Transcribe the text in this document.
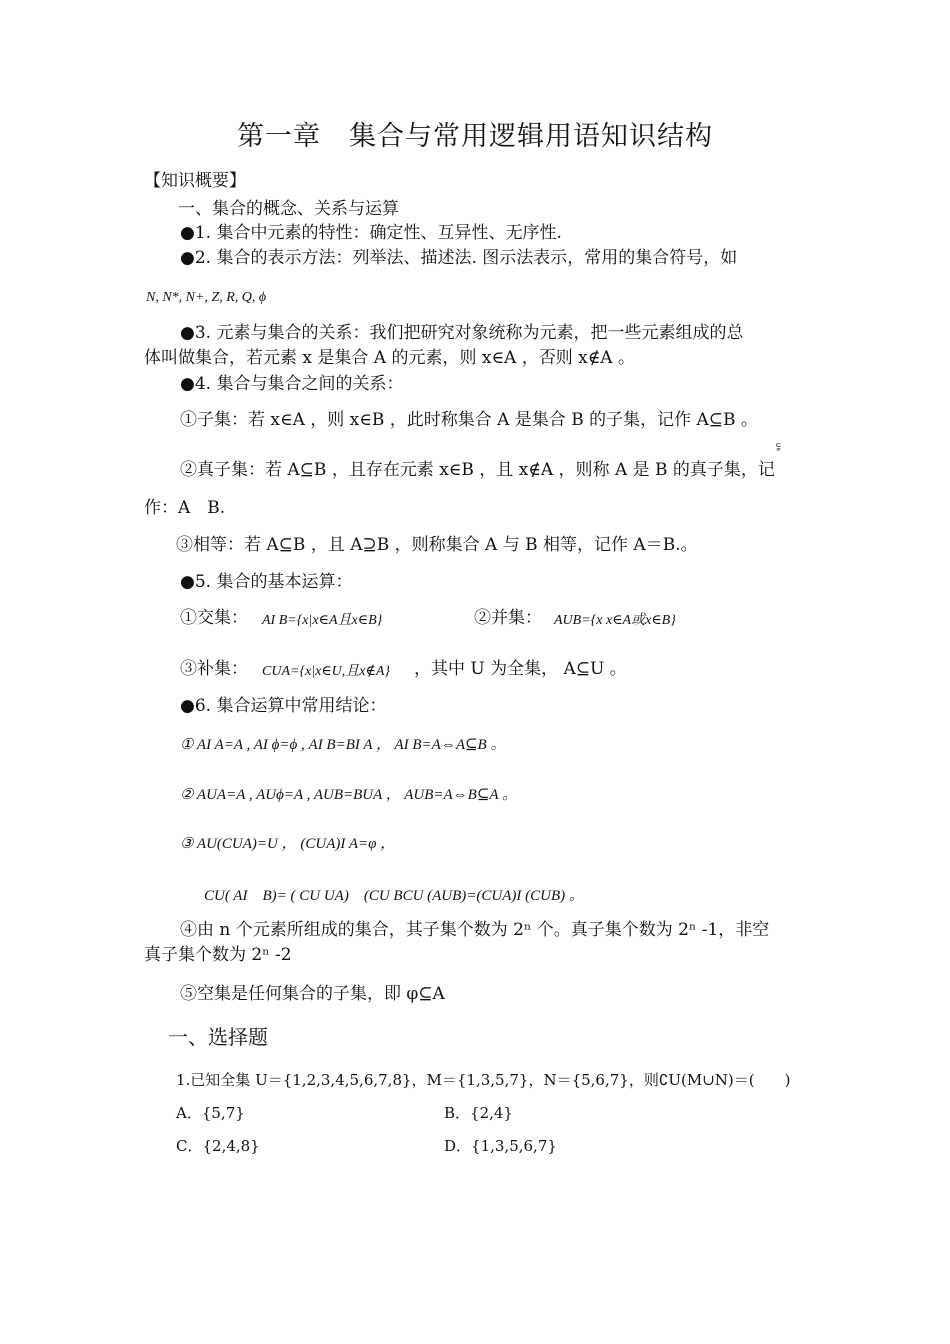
第一章　集合与常用逻辑用语知识结构
【知识概要】
一、集合的概念、关系与运算
●1. 集合中元素的特性：确定性、互异性、无序性.
●2. 集合的表示方法：列举法、描述法. 图示法表示，常用的集合符号，如
N, N*, N+, Z, R, Q, ϕ
●3. 元素与集合的关系：我们把研究对象统称为元素，把一些元素组成的总
体叫做集合，若元素 x 是集合 A 的元素，则 x∈A ，否则 x∉A 。
●4. 集合与集合之间的关系：
①子集：若 x∈A ，则 x∈B ，此时称集合 A 是集合 B 的子集，记作 A⊆B 。
⫋
②真子集：若 A⊆B ，且存在元素 x∈B ，且 x∉A ，则称 A 是 B 的真子集，记
作：A　B.
③相等：若 A⊆B ，且 A⊇B ，则称集合 A 与 B 相等，记作 A＝B.。
●5. 集合的基本运算：
①交集： AI B={x|x∈A且x∈B}	②并集： AUB={x x∈A或x∈B}
③补集： CUA={x|x∈U,且x∉A} ，其中 U 为全集， A⊆U 。
●6. 集合运算中常用结论：
① AI A=A , AI ϕ=ϕ , AI B=BI A ， AI B=A⇔A⊆B 。
② AUA=A , AUϕ=A , AUB=BUA ， AUB=A⇔B⊆A 。
③ AU(CUA)=U ， (CUA)I A=φ ，
CU( AI　B)= ( CU UA)　(CU BCU (AUB)=(CUA)I (CUB) 。
④由 n 个元素所组成的集合，其子集个数为 2ⁿ 个。真子集个数为 2ⁿ -1，非空
真子集个数为 2ⁿ -2
⑤空集是任何集合的子集，即 φ⊆A
一、选择题
1.已知全集 U＝{1,2,3,4,5,6,7,8}，M＝{1,3,5,7}，N＝{5,6,7}，则∁U(M∪N)＝(　　)
A．{5,7}	B．{2,4}
C．{2,4,8}	D．{1,3,5,6,7}
